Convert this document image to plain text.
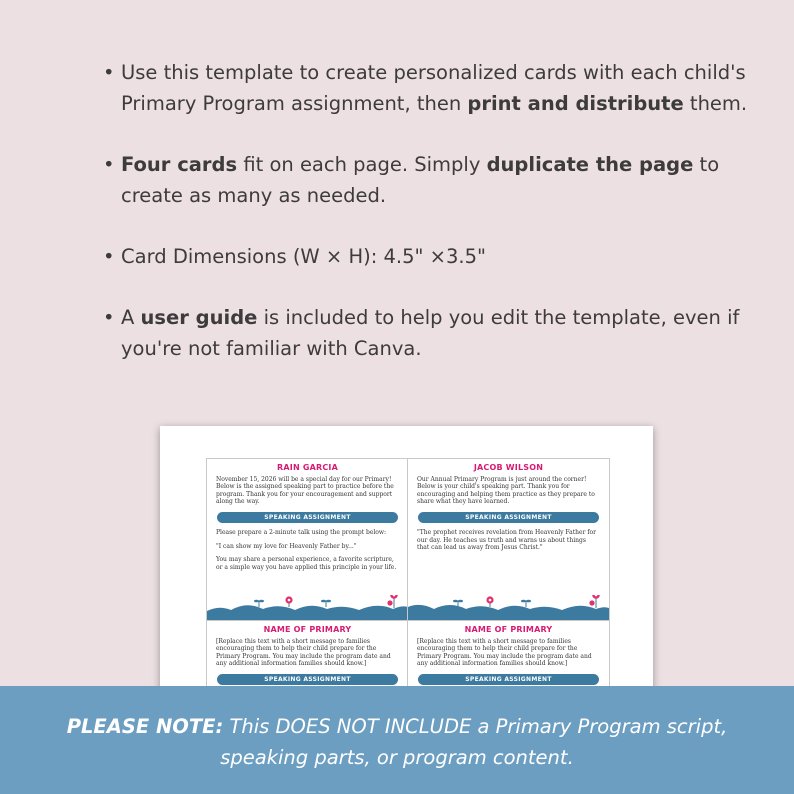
• Use this template to create personalized cards with each child's Primary Program assignment, then print and distribute them.
• Four cards fit on each page. Simply duplicate the page to create as many as needed.
• Card Dimensions (W × H): 4.5" ×3.5"
• A user guide is included to help you edit the template, even if you're not familiar with Canva.
RAIN GARCIA

November 15, 2026 will be a special day for our Primary! Below is the assigned speaking part to practice before the program. Thank you for your encouragement and support along the way.

SPEAKING ASSIGNMENT

Please prepare a 2-minute talk using the prompt below:

"I can show my love for Heavenly Father by..."

You may share a personal experience, a favorite scripture, or a simple way you have applied this principle in your life.

JACOB WILSON

Our Annual Primary Program is just around the corner! Below is your child's speaking part. Thank you for encouraging and helping them practice as they prepare to share what they have learned.

SPEAKING ASSIGNMENT

"The prophet receives revelation from Heavenly Father for our day. He teaches us truth and warns us about things that can lead us away from Jesus Christ."

NAME OF PRIMARY

[Replace this text with a short message to families encouraging them to help their child prepare for the Primary Program. You may include the program date and any additional information families should know.]

SPEAKING ASSIGNMENT
NAME OF PRIMARY

[Replace this text with a short message to families encouraging them to help their child prepare for the Primary Program. You may include the program date and any additional information families should know.]

SPEAKING ASSIGNMENT
PLEASE NOTE: This DOES NOT INCLUDE a Primary Program script,
speaking parts, or program content.
